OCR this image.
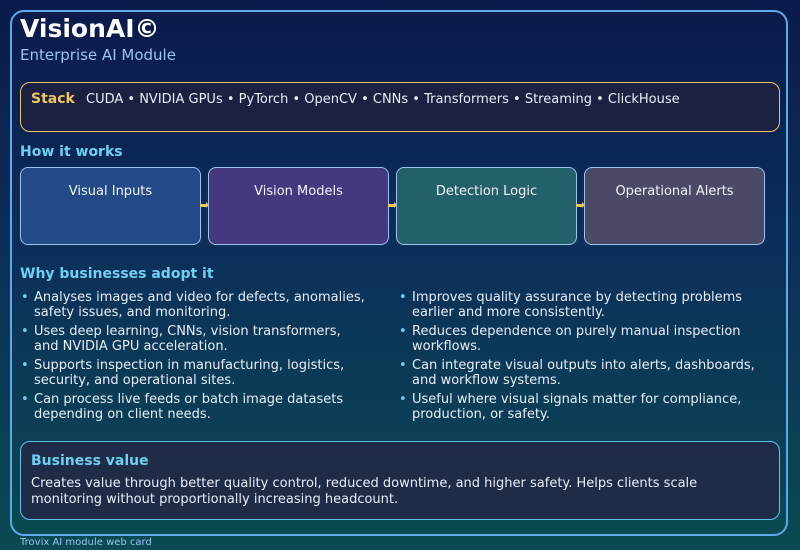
VisionAI©
Enterprise AI Module
Stack CUDA • NVIDIA GPUs • PyTorch • OpenCV • CNNs • Transformers • Streaming • ClickHouse
How it works
Visual Inputs	Vision Models	Detection Logic	Operational Alerts
Why businesses adopt it
• Analyses images and video for defects, anomalies, safety issues, and monitoring.
• Uses deep learning, CNNs, vision transformers, and NVIDIA GPU acceleration.
• Supports inspection in manufacturing, logistics, security, and operational sites.
• Can process live feeds or batch image datasets depending on client needs.
• Improves quality assurance by detecting problems earlier and more consistently.
• Reduces dependence on purely manual inspection workflows.
• Can integrate visual outputs into alerts, dashboards, and workflow systems.
• Useful where visual signals matter for compliance, production, or safety.
Business value
Creates value through better quality control, reduced downtime, and higher safety. Helps clients scale monitoring without proportionally increasing headcount.
Trovix AI module web card
